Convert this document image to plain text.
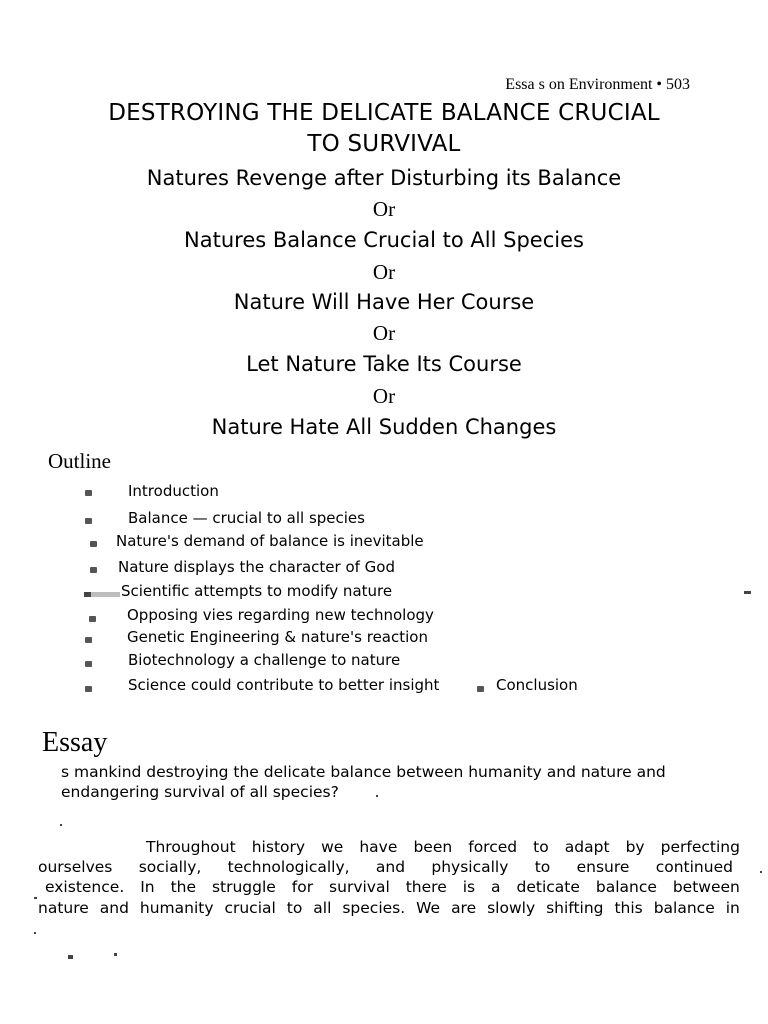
Essa s on Environment • 503
DESTROYING THE DELICATE BALANCE CRUCIAL
TO SURVIVAL
Natures Revenge after Disturbing its Balance
Or
Natures Balance Crucial to All Species
Or
Nature Will Have Her Course
Or
Let Nature Take Its Course
Or
Nature Hate All Sudden Changes
Outline
Introduction
Balance — crucial to all species
Nature's demand of balance is inevitable
Nature displays the character of God
Scientific attempts to modify nature
Opposing vies regarding new technology
Genetic Engineering & nature's reaction
Biotechnology a challenge to nature
Science could contribute to better insight	Conclusion
Essay
s mankind destroying the delicate balance between humanity and nature and
endangering survival of all species?
Throughout history we have been forced to adapt by perfecting
ourselves socially, technologically, and physically to ensure continued
existence. In the struggle for survival there is a deticate balance between
nature and humanity crucial to all species. We are slowly shifting this balance in
